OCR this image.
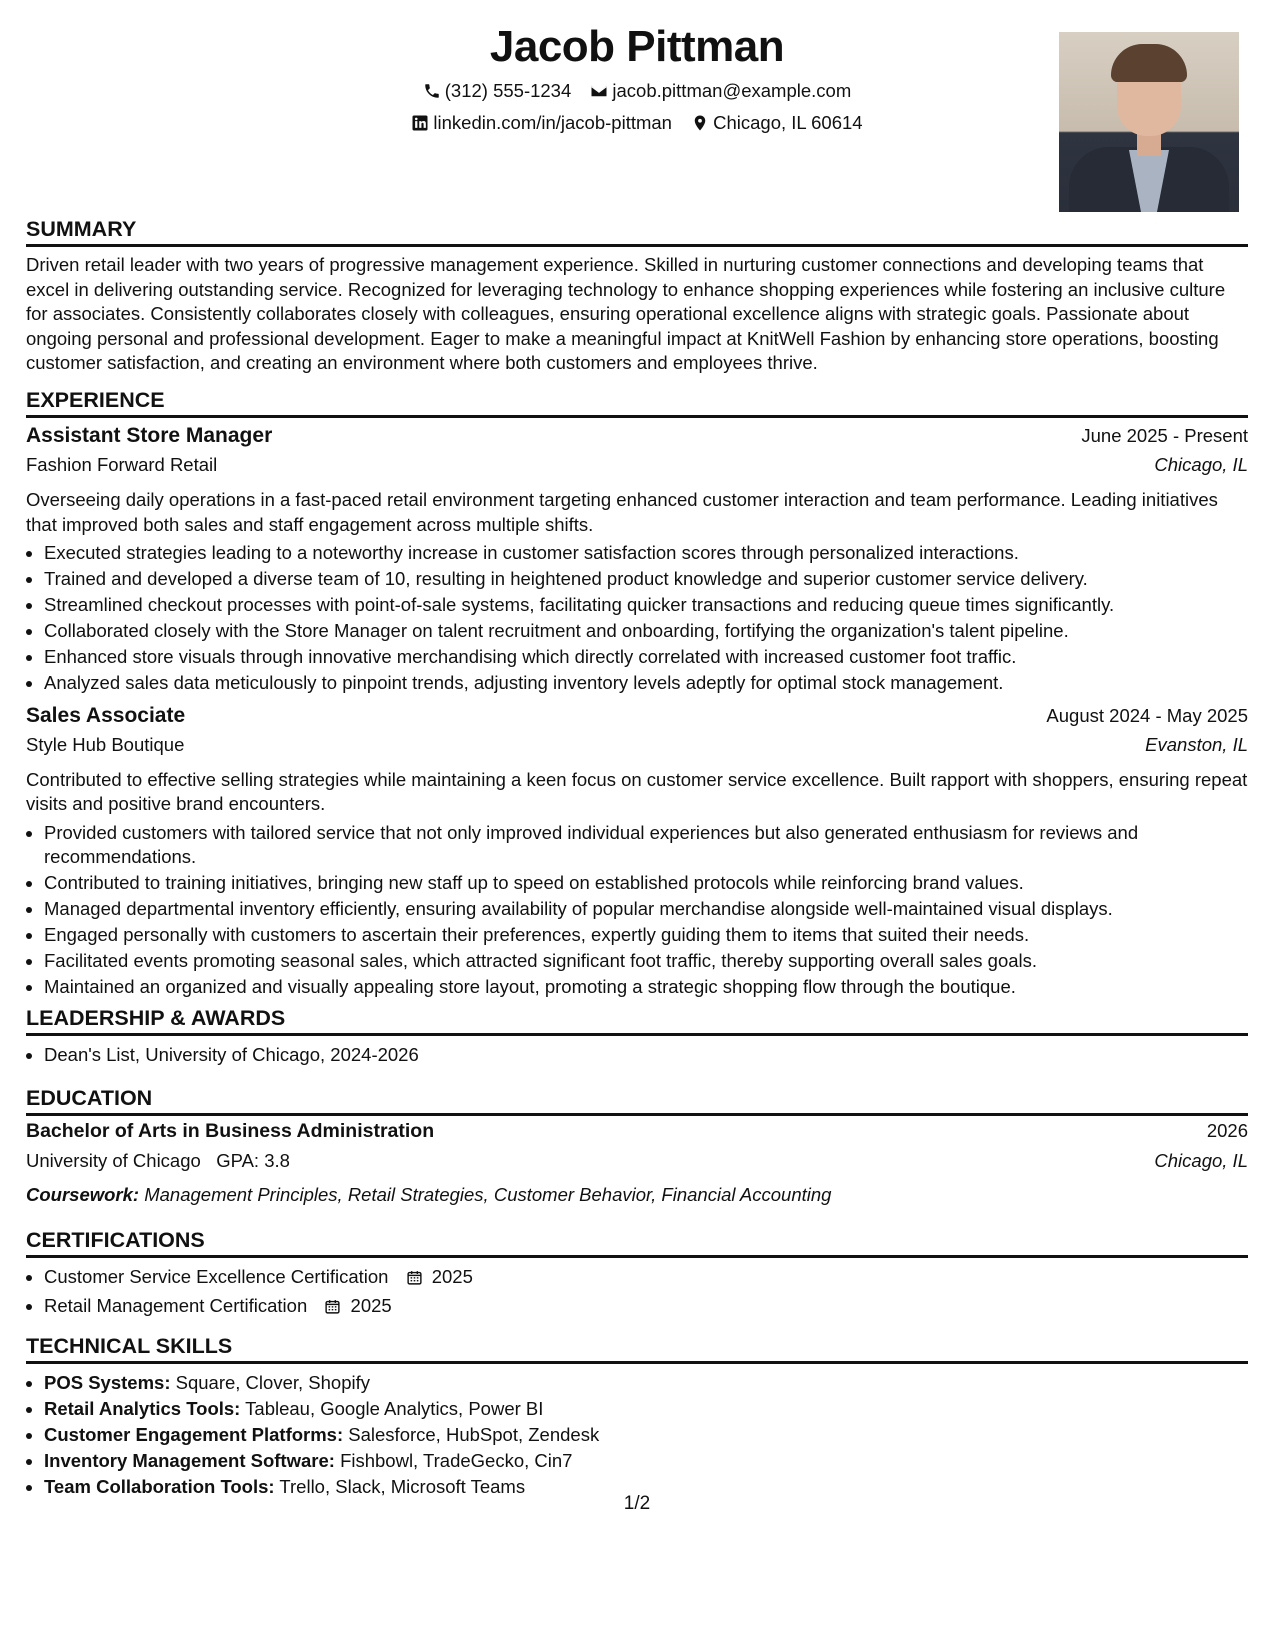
Jacob Pittman
(312) 555-1234
jacob.pittman@example.com
linkedin.com/in/jacob-pittman
Chicago, IL 60614
SUMMARY
Driven retail leader with two years of progressive management experience. Skilled in nurturing customer connections and developing teams that excel in delivering outstanding service. Recognized for leveraging technology to enhance shopping experiences while fostering an inclusive culture for associates. Consistently collaborates closely with colleagues, ensuring operational excellence aligns with strategic goals. Passionate about ongoing personal and professional development. Eager to make a meaningful impact at KnitWell Fashion by enhancing store operations, boosting customer satisfaction, and creating an environment where both customers and employees thrive.
EXPERIENCE
Assistant Store Manager	June 2025 - Present
Fashion Forward Retail	Chicago, IL
Overseeing daily operations in a fast-paced retail environment targeting enhanced customer interaction and team performance. Leading initiatives that improved both sales and staff engagement across multiple shifts.
• Executed strategies leading to a noteworthy increase in customer satisfaction scores through personalized interactions.
• Trained and developed a diverse team of 10, resulting in heightened product knowledge and superior customer service delivery.
• Streamlined checkout processes with point-of-sale systems, facilitating quicker transactions and reducing queue times significantly.
• Collaborated closely with the Store Manager on talent recruitment and onboarding, fortifying the organization's talent pipeline.
• Enhanced store visuals through innovative merchandising which directly correlated with increased customer foot traffic.
• Analyzed sales data meticulously to pinpoint trends, adjusting inventory levels adeptly for optimal stock management.
Sales Associate	August 2024 - May 2025
Style Hub Boutique	Evanston, IL
Contributed to effective selling strategies while maintaining a keen focus on customer service excellence. Built rapport with shoppers, ensuring repeat visits and positive brand encounters.
• Provided customers with tailored service that not only improved individual experiences but also generated enthusiasm for reviews and recommendations.
• Contributed to training initiatives, bringing new staff up to speed on established protocols while reinforcing brand values.
• Managed departmental inventory efficiently, ensuring availability of popular merchandise alongside well-maintained visual displays.
• Engaged personally with customers to ascertain their preferences, expertly guiding them to items that suited their needs.
• Facilitated events promoting seasonal sales, which attracted significant foot traffic, thereby supporting overall sales goals.
• Maintained an organized and visually appealing store layout, promoting a strategic shopping flow through the boutique.
LEADERSHIP & AWARDS
• Dean's List, University of Chicago, 2024-2026
EDUCATION
Bachelor of Arts in Business Administration	2026
University of Chicago GPA: 3.8	Chicago, IL
Coursework: Management Principles, Retail Strategies, Customer Behavior, Financial Accounting
CERTIFICATIONS
• Customer Service Excellence Certification 2025
• Retail Management Certification 2025
TECHNICAL SKILLS
• POS Systems: Square, Clover, Shopify
• Retail Analytics Tools: Tableau, Google Analytics, Power BI
• Customer Engagement Platforms: Salesforce, HubSpot, Zendesk
• Inventory Management Software: Fishbowl, TradeGecko, Cin7
• Team Collaboration Tools: Trello, Slack, Microsoft Teams
1/2
